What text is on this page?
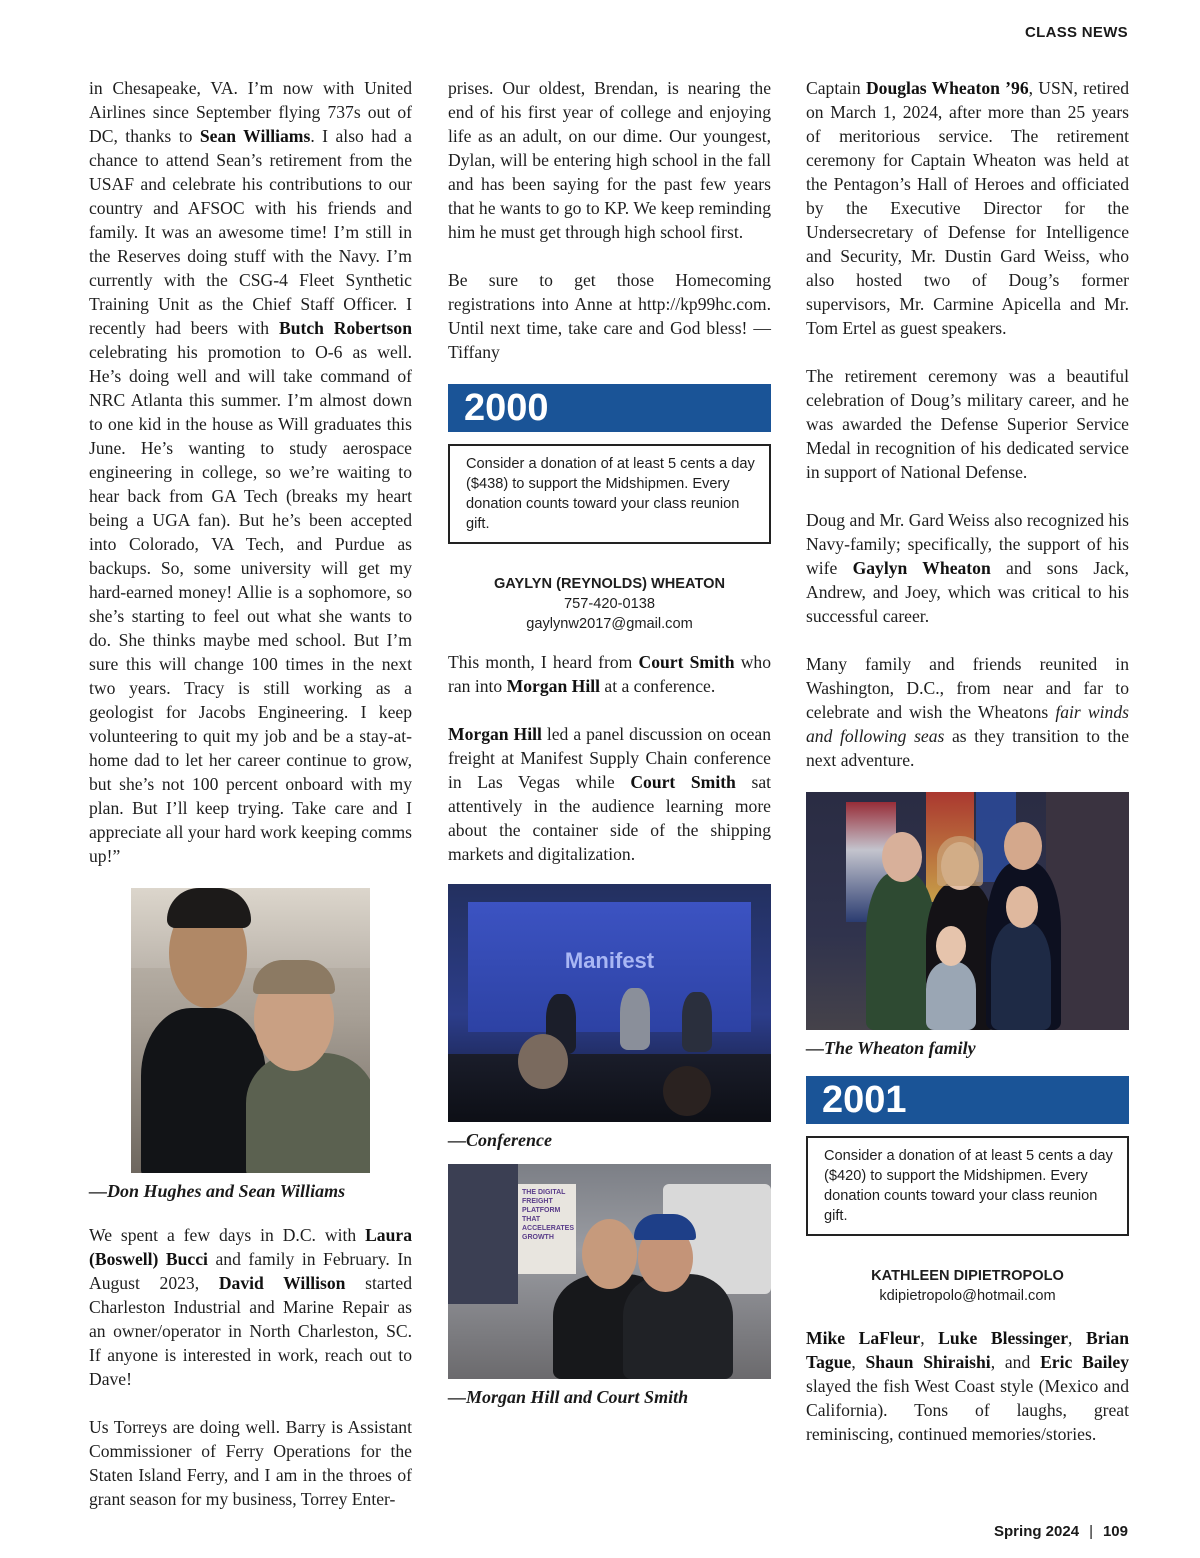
CLASS NEWS

in Chesapeake, VA. I’m now with United Airlines since September flying 737s out of DC, thanks to Sean Williams. I also had a chance to attend Sean’s retirement from the USAF and celebrate his contributions to our country and AFSOC with his friends and family. It was an awesome time! I’m still in the Reserves doing stuff with the Navy. I’m currently with the CSG-4 Fleet Synthetic Training Unit as the Chief Staff Officer. I recently had beers with Butch Robertson celebrating his promotion to O-6 as well. He’s doing well and will take command of NRC Atlanta this summer. I’m almost down to one kid in the house as Will graduates this June. He’s wanting to study aerospace engineering in college, so we’re waiting to hear back from GA Tech (breaks my heart being a UGA fan). But he’s been accepted into Colorado, VA Tech, and Purdue as backups. So, some university will get my hard-earned money! Allie is a sophomore, so she’s starting to feel out what she wants to do. She thinks maybe med school. But I’m sure this will change 100 times in the next two years. Tracy is still working as a geologist for Jacobs Engineering. I keep volunteering to quit my job and be a stay-at-home dad to let her career continue to grow, but she’s not 100 percent onboard with my plan. But I’ll keep trying. Take care and I appreciate all your hard work keeping comms up!”

—Don Hughes and Sean Williams

We spent a few days in D.C. with Laura (Boswell) Bucci and family in February. In August 2023, David Willison started Charleston Industrial and Marine Repair as an owner/operator in North Charleston, SC. If anyone is interested in work, reach out to Dave!

Us Torreys are doing well. Barry is Assistant Commissioner of Ferry Operations for the Staten Island Ferry, and I am in the throes of grant season for my business, Torrey Enter-

prises. Our oldest, Brendan, is nearing the end of his first year of college and enjoying life as an adult, on our dime. Our youngest, Dylan, will be entering high school in the fall and has been saying for the past few years that he wants to go to KP. We keep reminding him he must get through high school first.

Be sure to get those Homecoming registrations into Anne at http://kp99hc.com. Until next time, take care and God bless! —Tiffany

2000
Consider a donation of at least 5 cents a day ($438) to support the Midshipmen. Every donation counts toward your class reunion gift.
GAYLYN (REYNOLDS) WHEATON
757-420-0138
gaylynw2017@gmail.com

This month, I heard from Court Smith who ran into Morgan Hill at a conference.

Morgan Hill led a panel discussion on ocean freight at Manifest Supply Chain conference in Las Vegas while Court Smith sat attentively in the audience learning more about the container side of the shipping markets and digitalization.

Manifest
—Conference
THE DIGITAL FREIGHT PLATFORM THAT ACCELERATES GROWTH
—Morgan Hill and Court Smith

Captain Douglas Wheaton ’96, USN, retired on March 1, 2024, after more than 25 years of meritorious service. The retirement ceremony for Captain Wheaton was held at the Pentagon’s Hall of Heroes and officiated by the Executive Director for the Undersecretary of Defense for Intelligence and Security, Mr. Dustin Gard Weiss, who also hosted two of Doug’s former supervisors, Mr. Carmine Apicella and Mr. Tom Ertel as guest speakers.

The retirement ceremony was a beautiful celebration of Doug’s military career, and he was awarded the Defense Superior Service Medal in recognition of his dedicated service in support of National Defense.

Doug and Mr. Gard Weiss also recognized his Navy-family; specifically, the support of his wife Gaylyn Wheaton and sons Jack, Andrew, and Joey, which was critical to his successful career.

Many family and friends reunited in Washington, D.C., from near and far to celebrate and wish the Wheatons fair winds and following seas as they transition to the next adventure.

—The Wheaton family
2001
Consider a donation of at least 5 cents a day ($420) to support the Midshipmen. Every donation counts toward your class reunion gift.
KATHLEEN DIPIETROPOLO
kdipietropolo@hotmail.com

Mike LaFleur, Luke Blessinger, Brian Tague, Shaun Shiraishi, and Eric Bailey slayed the fish West Coast style (Mexico and California). Tons of laughs, great reminiscing, continued memories/stories.

Spring 2024 | 109
